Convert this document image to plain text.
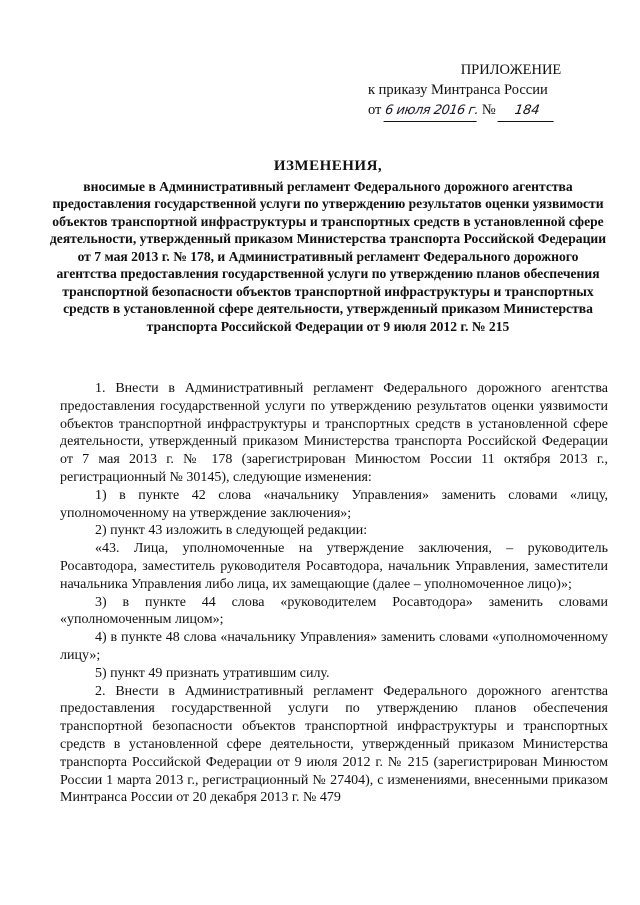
ПРИЛОЖЕНИЕ
к приказу Минтранса России
от 6 июля 2016 г. № 184
ИЗМЕНЕНИЯ,
вносимые в Административный регламент Федерального дорожного агентства предоставления государственной услуги по утверждению результатов оценки уязвимости объектов транспортной инфраструктуры и транспортных средств в установленной сфере деятельности, утвержденный приказом Министерства транспорта Российской Федерации от 7 мая 2013 г. № 178, и Административный регламент Федерального дорожного агентства предоставления государственной услуги по утверждению планов обеспечения транспортной безопасности объектов транспортной инфраструктуры и транспортных средств в установленной сфере деятельности, утвержденный приказом Министерства транспорта Российской Федерации от 9 июля 2012 г. № 215

1. Внести в Административный регламент Федерального дорожного агентства предоставления государственной услуги по утверждению результатов оценки уязвимости объектов транспортной инфраструктуры и транспортных средств в установленной сфере деятельности, утвержденный приказом Министерства транспорта Российской Федерации от 7 мая 2013 г. № 178 (зарегистрирован Минюстом России 11 октября 2013 г., регистрационный № 30145), следующие изменения:

1) в пункте 42 слова «начальнику Управления» заменить словами «лицу, уполномоченному на утверждение заключения»;

2) пункт 43 изложить в следующей редакции:

«43. Лица, уполномоченные на утверждение заключения, – руководитель Росавтодора, заместитель руководителя Росавтодора, начальник Управления, заместители начальника Управления либо лица, их замещающие (далее – уполномоченное лицо)»;

3) в пункте 44 слова «руководителем Росавтодора» заменить словами «уполномоченным лицом»;

4) в пункте 48 слова «начальнику Управления» заменить словами «уполномоченному лицу»;

5) пункт 49 признать утратившим силу.

2. Внести в Административный регламент Федерального дорожного агентства предоставления государственной услуги по утверждению планов обеспечения транспортной безопасности объектов транспортной инфраструктуры и транспортных средств в установленной сфере деятельности, утвержденный приказом Министерства транспорта Российской Федерации от 9 июля 2012 г. № 215 (зарегистрирован Минюстом России 1 марта 2013 г., регистрационный № 27404), с изменениями, внесенными приказом Минтранса России от 20 декабря 2013 г. № 479
